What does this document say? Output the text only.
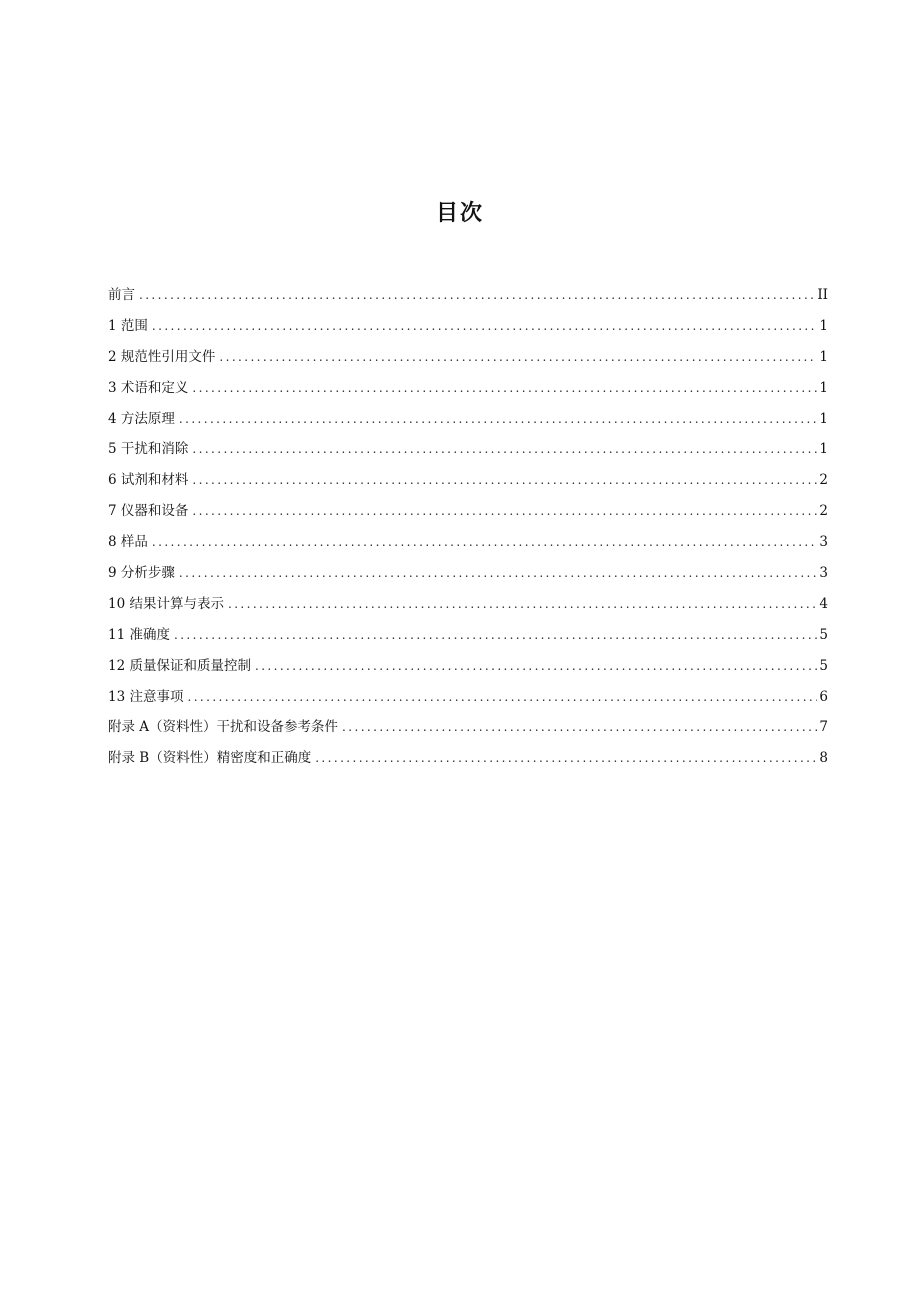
目次
前言 .....	II
1 范围 .....	1
2 规范性引用文件 .....	1
3 术语和定义 .....	1
4 方法原理 .....	1
5 干扰和消除 .....	1
6 试剂和材料 .....	2
7 仪器和设备 .....	2
8 样品 .....	3
9 分析步骤 .....	3
10 结果计算与表示 .....	4
11 准确度 .....	5
12 质量保证和质量控制 .....	5
13 注意事项 .....	6
附录 A（资料性）干扰和设备参考条件 .....	7
附录 B（资料性）精密度和正确度 .....	8
